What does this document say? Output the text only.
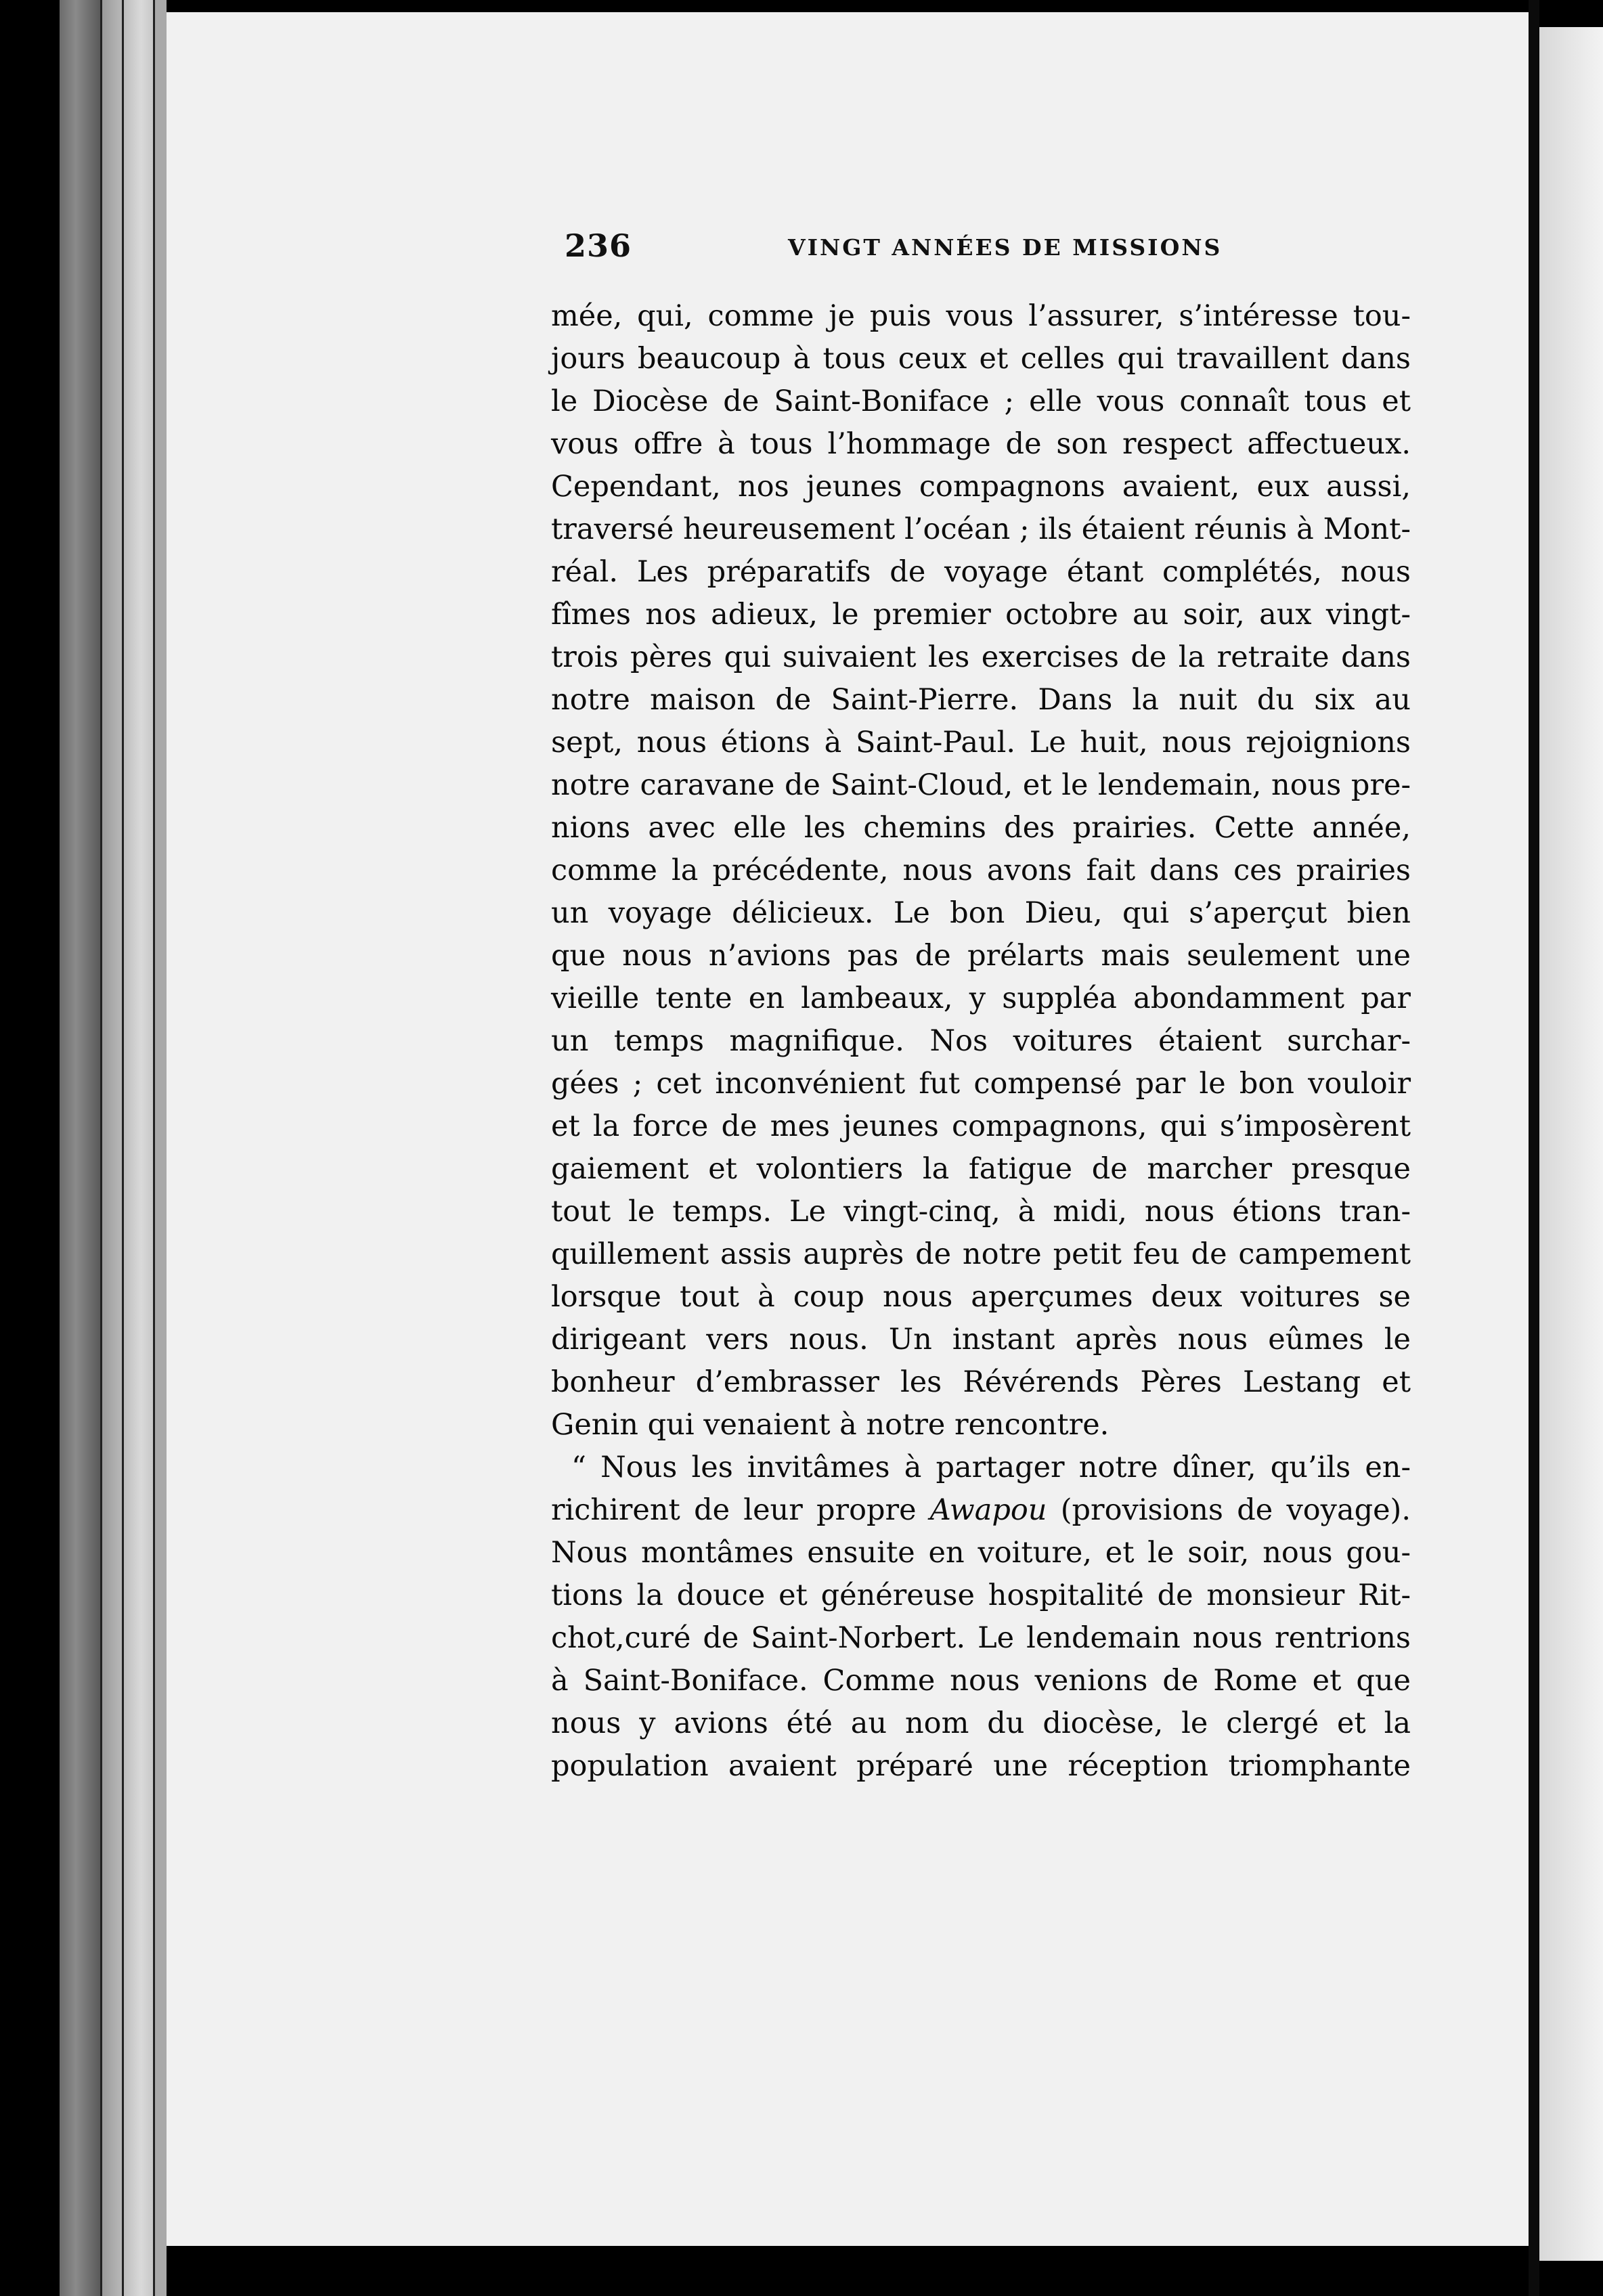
236	VINGT ANNÉES DE MISSIONS
mée, qui, comme je puis vous l’assurer, s’intéresse tou-
jours beaucoup à tous ceux et celles qui travaillent dans
le Diocèse de Saint-Boniface ; elle vous connaît tous et
vous offre à tous l’hommage de son respect affectueux.
Cependant, nos jeunes compagnons avaient, eux aussi,
traversé heureusement l’océan ; ils étaient réunis à Mont-
réal. Les préparatifs de voyage étant complétés, nous
fîmes nos adieux, le premier octobre au soir, aux vingt-
trois pères qui suivaient les exercises de la retraite dans
notre maison de Saint-Pierre. Dans la nuit du six au
sept, nous étions à Saint-Paul. Le huit, nous rejoignions
notre caravane de Saint-Cloud, et le lendemain, nous pre-
nions avec elle les chemins des prairies. Cette année,
comme la précédente, nous avons fait dans ces prairies
un voyage délicieux. Le bon Dieu, qui s’aperçut bien
que nous n’avions pas de prélarts mais seulement une
vieille tente en lambeaux, y suppléa abondamment par
un temps magnifique. Nos voitures étaient surchar-
gées ; cet inconvénient fut compensé par le bon vouloir
et la force de mes jeunes compagnons, qui s’imposèrent
gaiement et volontiers la fatigue de marcher presque
tout le temps. Le vingt-cinq, à midi, nous étions tran-
quillement assis auprès de notre petit feu de campement
lorsque tout à coup nous aperçumes deux voitures se
dirigeant vers nous. Un instant après nous eûmes le
bonheur d’embrasser les Révérends Pères Lestang et
Genin qui venaient à notre rencontre.
“ Nous les invitâmes à partager notre dîner, qu’ils en-
richirent de leur propre Awapou (provisions de voyage).
Nous montâmes ensuite en voiture, et le soir, nous gou-
tions la douce et généreuse hospitalité de monsieur Rit-
chot,curé de Saint-Norbert. Le lendemain nous rentrions
à Saint-Boniface. Comme nous venions de Rome et que
nous y avions été au nom du diocèse, le clergé et la
population avaient préparé une réception triomphante
